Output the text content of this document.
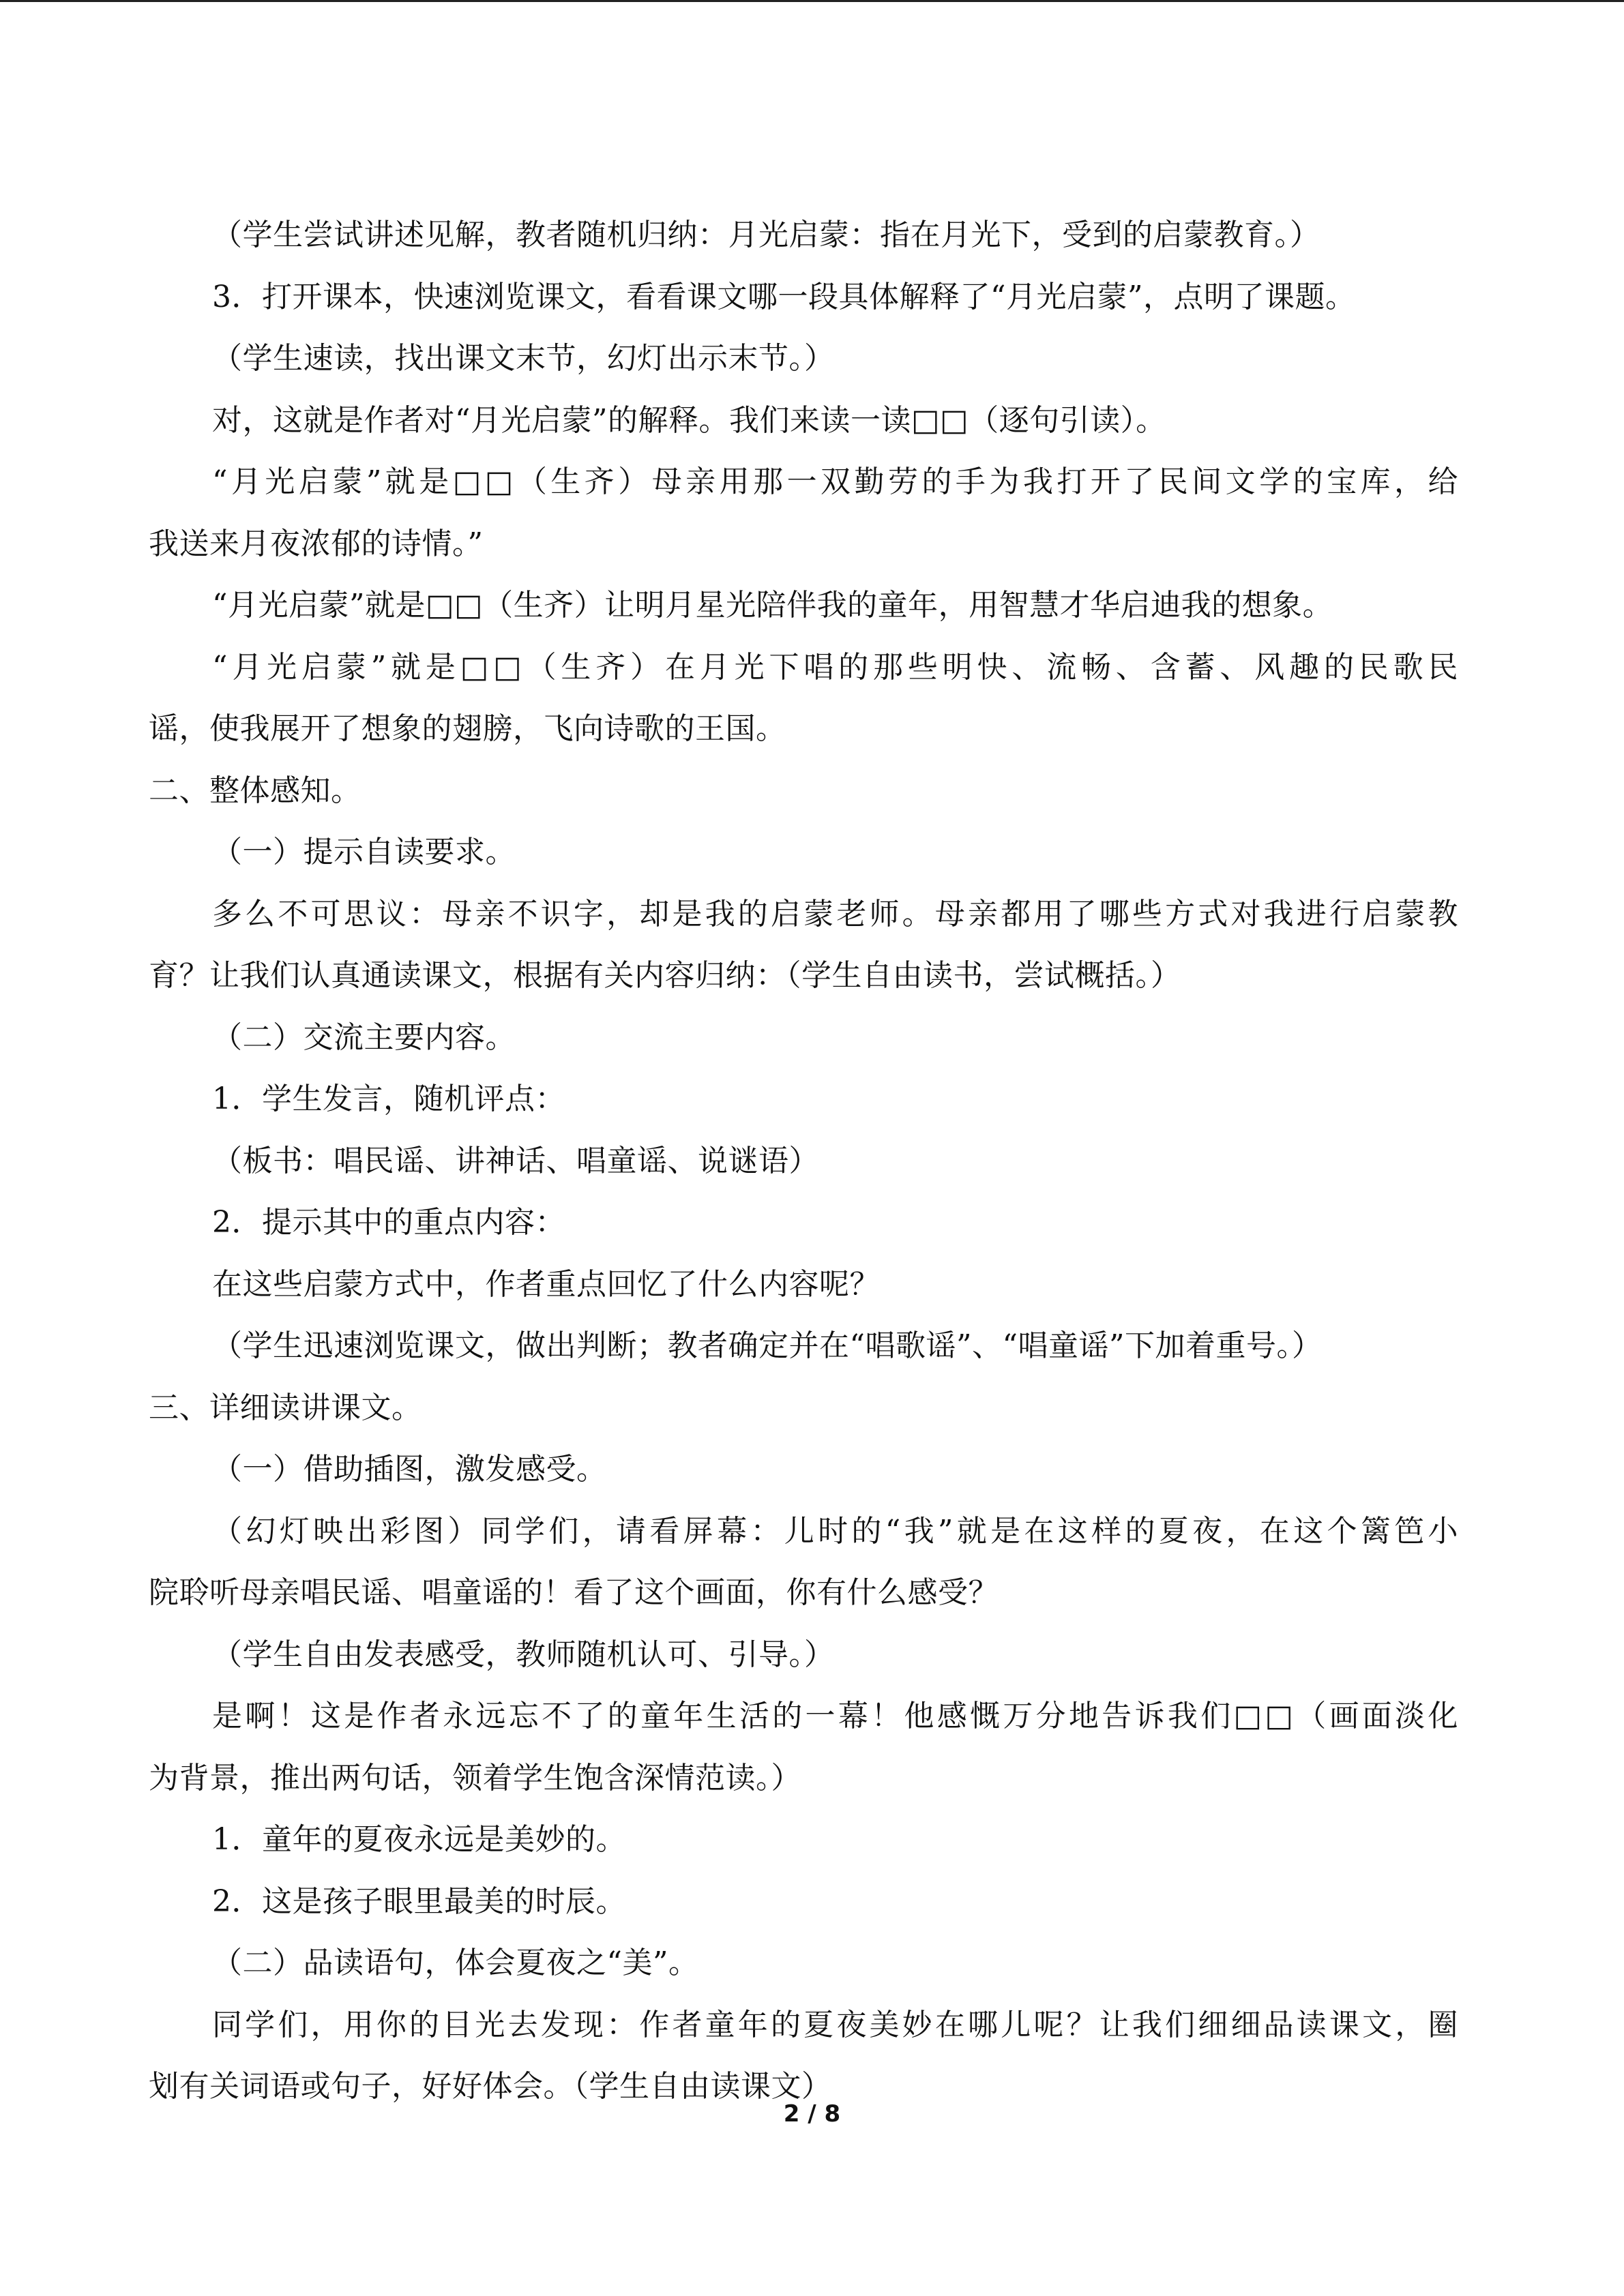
（学生尝试讲述见解，教者随机归纳：月光启蒙：指在月光下，受到的启蒙教育。）
3．打开课本，快速浏览课文，看看课文哪一段具体解释了“月光启蒙”，点明了课题。
（学生速读，找出课文末节，幻灯出示末节。）
对，这就是作者对“月光启蒙”的解释。我们来读一读□□（逐句引读）。
“月光启蒙”就是□□（生齐）母亲用那一双勤劳的手为我打开了民间文学的宝库，给
我送来月夜浓郁的诗情。”
“月光启蒙”就是□□（生齐）让明月星光陪伴我的童年，用智慧才华启迪我的想象。
“月光启蒙”就是□□（生齐）在月光下唱的那些明快、流畅、含蓄、风趣的民歌民
谣，使我展开了想象的翅膀，飞向诗歌的王国。
二、整体感知。
（一）提示自读要求。
多么不可思议：母亲不识字，却是我的启蒙老师。母亲都用了哪些方式对我进行启蒙教
育？让我们认真通读课文，根据有关内容归纳：（学生自由读书，尝试概括。）
（二）交流主要内容。
1．学生发言，随机评点：
（板书：唱民谣、讲神话、唱童谣、说谜语）
2．提示其中的重点内容：
在这些启蒙方式中，作者重点回忆了什么内容呢？
（学生迅速浏览课文，做出判断；教者确定并在“唱歌谣”、“唱童谣”下加着重号。）
三、详细读讲课文。
（一）借助插图，激发感受。
（幻灯映出彩图）同学们，请看屏幕：儿时的“我”就是在这样的夏夜，在这个篱笆小
院聆听母亲唱民谣、唱童谣的！看了这个画面，你有什么感受？
（学生自由发表感受，教师随机认可、引导。）
是啊！这是作者永远忘不了的童年生活的一幕！他感慨万分地告诉我们□□（画面淡化
为背景，推出两句话，领着学生饱含深情范读。）
1．童年的夏夜永远是美妙的。
2．这是孩子眼里最美的时辰。
（二）品读语句，体会夏夜之“美”。
同学们，用你的目光去发现：作者童年的夏夜美妙在哪儿呢？让我们细细品读课文，圈
划有关词语或句子，好好体会。（学生自由读课文）
2 / 8
